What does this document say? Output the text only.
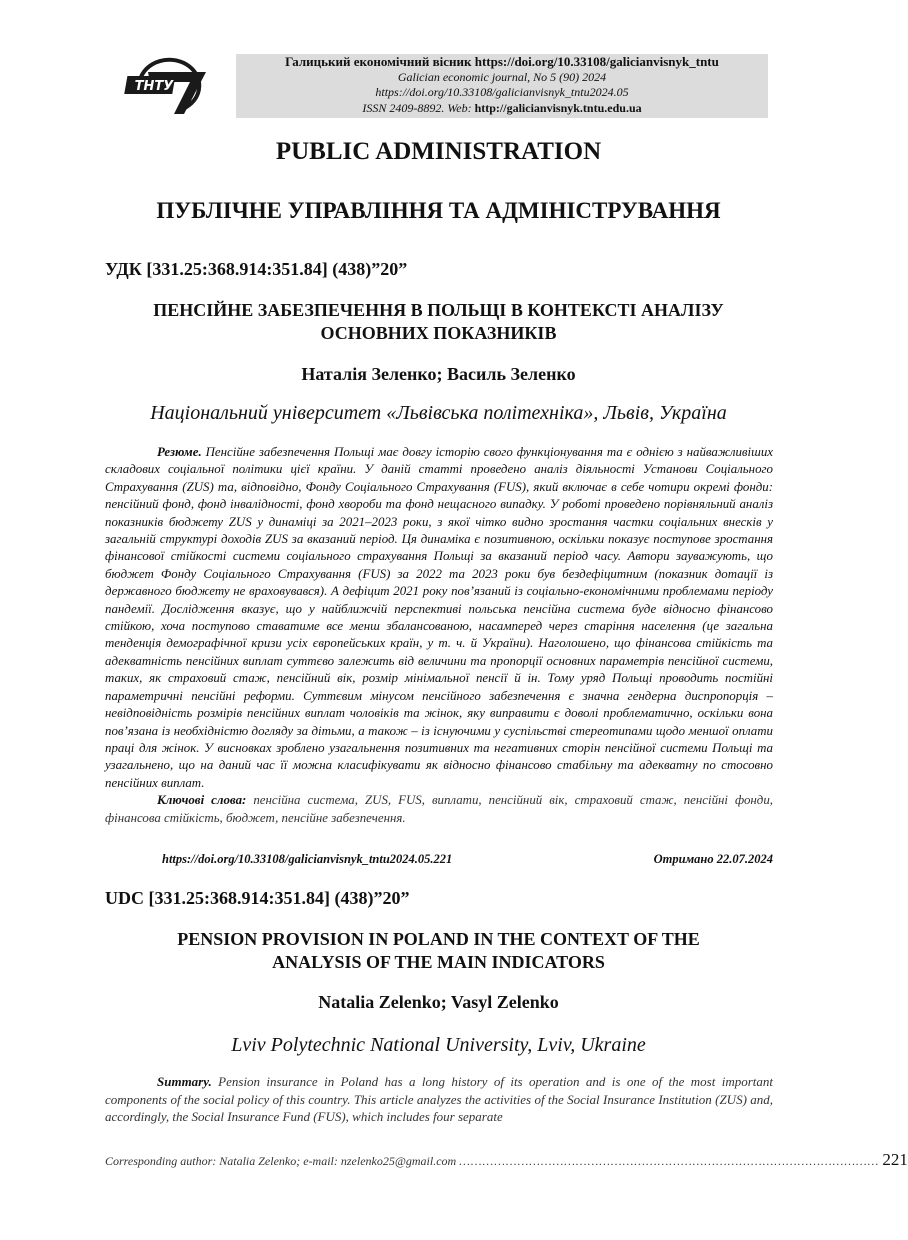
ТНТУ
Галицький економічний вісник https://doi.org/10.33108/galicianvisnyk_tntu
Galician economic journal, No 5 (90) 2024
https://doi.org/10.33108/galicianvisnyk_tntu2024.05
ISSN 2409-8892. Web: http://galicianvisnyk.tntu.edu.ua
PUBLIC ADMINISTRATION
ПУБЛІЧНЕ УПРАВЛІННЯ ТА АДМІНІСТРУВАННЯ
УДК [331.25:368.914:351.84] (438)”20”
ПЕНСІЙНЕ ЗАБЕЗПЕЧЕННЯ В ПОЛЬЩІ В КОНТЕКСТІ АНАЛІЗУ
ОСНОВНИХ ПОКАЗНИКІВ
Наталія Зеленко; Василь Зеленко
Національний університет «Львівська політехніка», Львів, Україна

Резюме. Пенсійне забезпечення Польщі має довгу історію свого функціонування та є однією з найважливіших складових соціальної політики цієї країни. У даній статті проведено аналіз діяльності Установи Соціального Страхування (ZUS) та, відповідно, Фонду Соціального Страхування (FUS), який включає в себе чотири окремі фонди: пенсійний фонд, фонд інвалідності, фонд хвороби та фонд нещасного випадку. У роботі проведено порівняльний аналіз показників бюджету ZUS у динаміці за 2021–2023 роки, з якої чітко видно зростання частки соціальних внесків у загальній структурі доходів ZUS за вказаний період. Ця динаміка є позитивною, оскільки показує поступове зростання фінансової стійкості системи соціального страхування Польщі за вказаний період часу. Автори зауважують, що бюджет Фонду Соціального Страхування (FUS) за 2022 та 2023 роки був бездефіцитним (показник дотації із державного бюджету не враховувався). А дефіцит 2021 року пов’язаний із соціально-економічними проблемами періоду пандемії. Дослідження вказує, що у найближчій перспективі польська пенсійна система буде відносно фінансово стійкою, хоча поступово ставатиме все менш збалансованою, насамперед через старіння населення (це загальна тенденція демографічної кризи усіх європейських країн, у т. ч. й України). Наголошено, що фінансова стійкість та адекватність пенсійних виплат суттєво залежить від величини та пропорції основних параметрів пенсійної системи, таких, як страховий стаж, пенсійний вік, розмір мінімальної пенсії й ін. Тому уряд Польщі проводить постійні параметричні пенсійні реформи. Суттєвим мінусом пенсійного забезпечення є значна гендерна диспропорція – невідповідність розмірів пенсійних виплат чоловіків та жінок, яку виправити є доволі проблематично, оскільки вона пов’язана із необхідністю догляду за дітьми, а також – із існуючими у суспільстві стереотипами щодо меншої оплати праці для жінок. У висновках зроблено узагальнення позитивних та негативних сторін пенсійної системи Польщі та узагальнено, що на даний час її можна класифікувати як відносно фінансово стабільну та адекватну по стосовно пенсійних виплат.

Ключові слова: пенсійна система, ZUS, FUS, виплати, пенсійний вік, страховий стаж, пенсійні фонди, фінансова стійкість, бюджет, пенсійне забезпечення.

https://doi.org/10.33108/galicianvisnyk_tntu2024.05.221	Отримано 22.07.2024
UDC [331.25:368.914:351.84] (438)”20”
PENSION PROVISION IN POLAND IN THE CONTEXT OF THE
ANALYSIS OF THE MAIN INDICATORS
Natalia Zelenko; Vasyl Zelenko
Lviv Polytechnic National University, Lviv, Ukraine

Summary. Pension insurance in Poland has a long history of its operation and is one of the most important components of the social policy of this country. This article analyzes the activities of the Social Insurance Institution (ZUS) and, accordingly, the Social Insurance Fund (FUS), which includes four separate

Corresponding author: Natalia Zelenko; e-mail: nzelenko25@gmail.com ……………………………………………………………………………………………… 221
